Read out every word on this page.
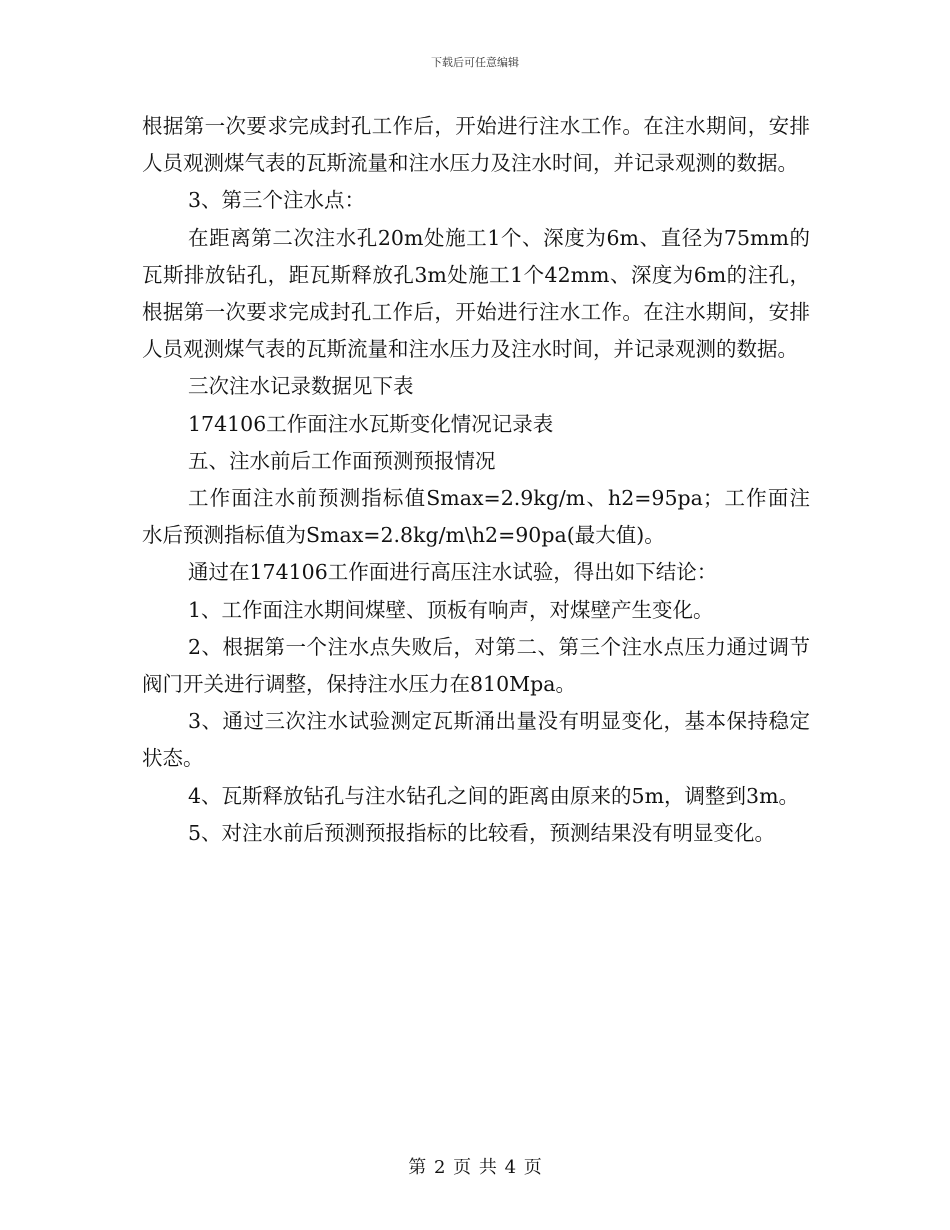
下载后可任意编辑

根据第一次要求完成封孔工作后，开始进行注水工作。在注水期间，安排人员观测煤气表的瓦斯流量和注水压力及注水时间，并记录观测的数据。

3、第三个注水点：

在距离第二次注水孔20m处施工1个、深度为6m、直径为75mm的瓦斯排放钻孔，距瓦斯释放孔3m处施工1个42mm、深度为6m的注孔，根据第一次要求完成封孔工作后，开始进行注水工作。在注水期间，安排人员观测煤气表的瓦斯流量和注水压力及注水时间，并记录观测的数据。

三次注水记录数据见下表

174106工作面注水瓦斯变化情况记录表

五、注水前后工作面预测预报情况

工作面注水前预测指标值Smax=2.9kg/m、h2=95pa；工作面注水后预测指标值为Smax=2.8kg/m\h2=90pa(最大值)。

通过在174106工作面进行高压注水试验，得出如下结论：

1、工作面注水期间煤壁、顶板有响声，对煤壁产生变化。

2、根据第一个注水点失败后，对第二、第三个注水点压力通过调节阀门开关进行调整，保持注水压力在810Mpa。

3、通过三次注水试验测定瓦斯涌出量没有明显变化，基本保持稳定状态。

4、瓦斯释放钻孔与注水钻孔之间的距离由原来的5m，调整到3m。

5、对注水前后预测预报指标的比较看，预测结果没有明显变化。

第 2 页 共 4 页
